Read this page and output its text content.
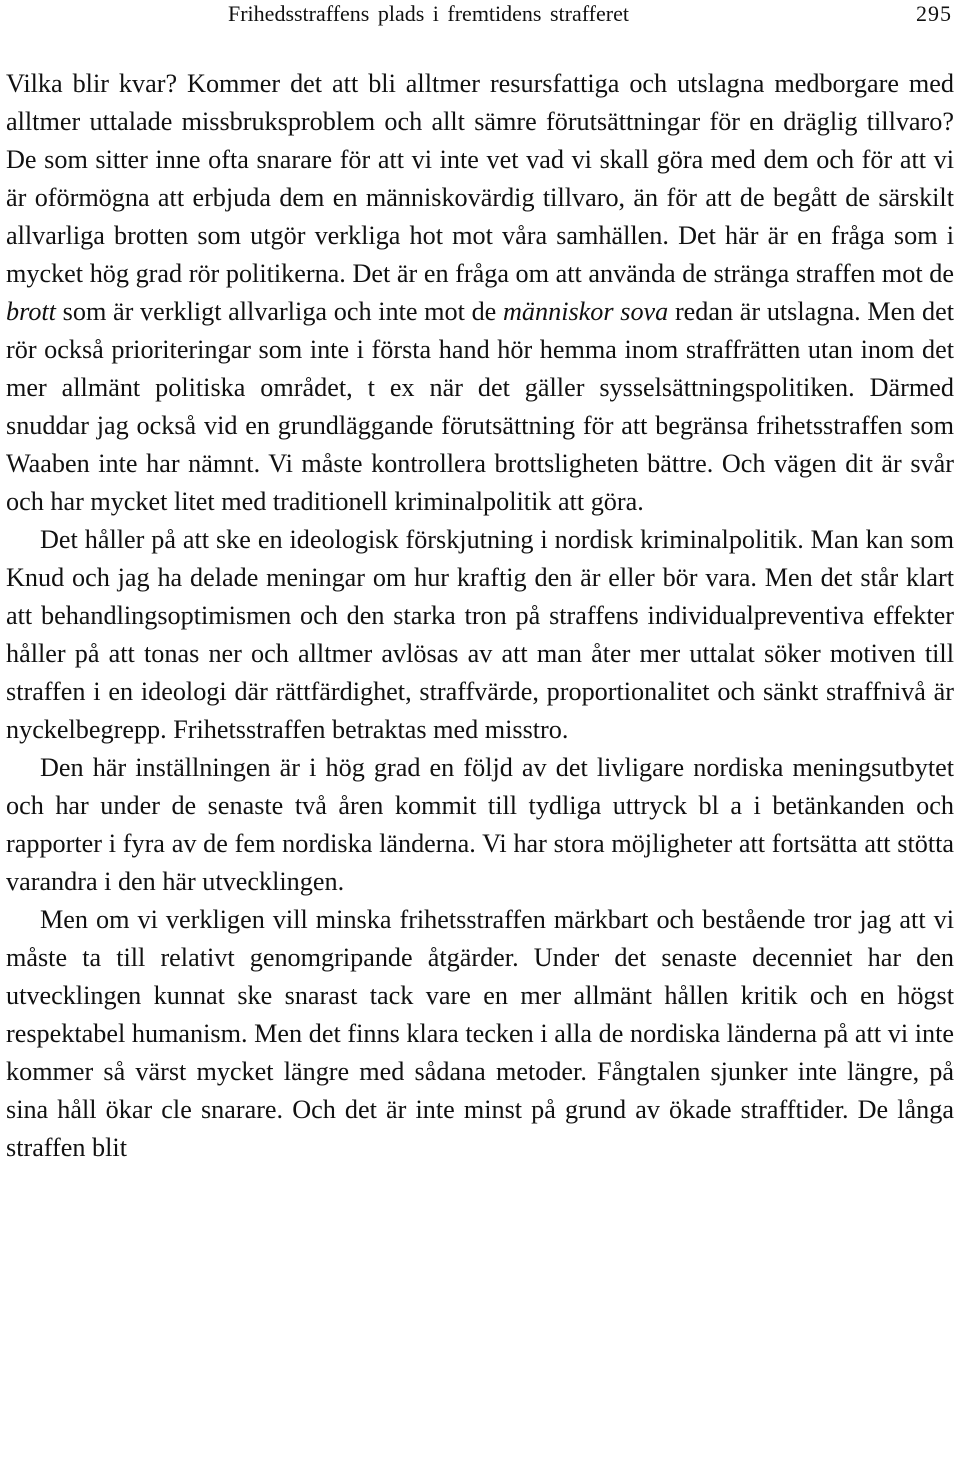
Frihedsstraffens plads i fremtidens strafferet	295

Vilka blir kvar? Kommer det att bli alltmer resursfattiga och utslagna medborgare med alltmer uttalade missbruksproblem och allt sämre förutsättningar för en dräglig tillvaro? De som sitter inne ofta snarare för att vi inte vet vad vi skall göra med dem och för att vi är oförmögna att erbjuda dem en människovärdig tillvaro, än för att de begått de särskilt allvarliga brotten som utgör verkliga hot mot våra samhällen. Det här är en fråga som i mycket hög grad rör politikerna. Det är en fråga om att använda de stränga straffen mot de brott som är verkligt allvarliga och inte mot de människor sova redan är utslagna. Men det rör också prioriteringar som inte i första hand hör hemma inom straffrätten utan inom det mer allmänt politiska området, t ex när det gäller sysselsättningspolitiken. Därmed snuddar jag också vid en grundläggande förutsättning för att begränsa frihetsstraffen som Waaben inte har nämnt. Vi måste kontrollera brottsligheten bättre. Och vägen dit är svår och har mycket litet med traditionell kriminalpolitik att göra.

Det håller på att ske en ideologisk förskjutning i nordisk kriminalpolitik. Man kan som Knud och jag ha delade meningar om hur kraftig den är eller bör vara. Men det står klart att behandlingsoptimismen och den starka tron på straffens individualpreventiva effekter håller på att tonas ner och alltmer avlösas av att man åter mer uttalat söker motiven till straffen i en ideologi där rättfärdighet, straffvärde, proportionalitet och sänkt straffnivå är nyckelbegrepp. Frihetsstraffen betraktas med misstro.

Den här inställningen är i hög grad en följd av det livligare nordiska meningsutbytet och har under de senaste två åren kommit till tydliga uttryck bl a i betänkanden och rapporter i fyra av de fem nordiska länderna. Vi har stora möjligheter att fortsätta att stötta varandra i den här utvecklingen.

Men om vi verkligen vill minska frihetsstraffen märkbart och bestående tror jag att vi måste ta till relativt genomgripande åtgärder. Under det senaste decenniet har den utvecklingen kunnat ske snarast tack vare en mer allmänt hållen kritik och en högst respektabel humanism. Men det finns klara tecken i alla de nordiska länderna på att vi inte kommer så värst mycket längre med sådana metoder. Fångtalen sjunker inte längre, på sina håll ökar cle snarare. Och det är inte minst på grund av ökade strafftider. De långa straffen blit
